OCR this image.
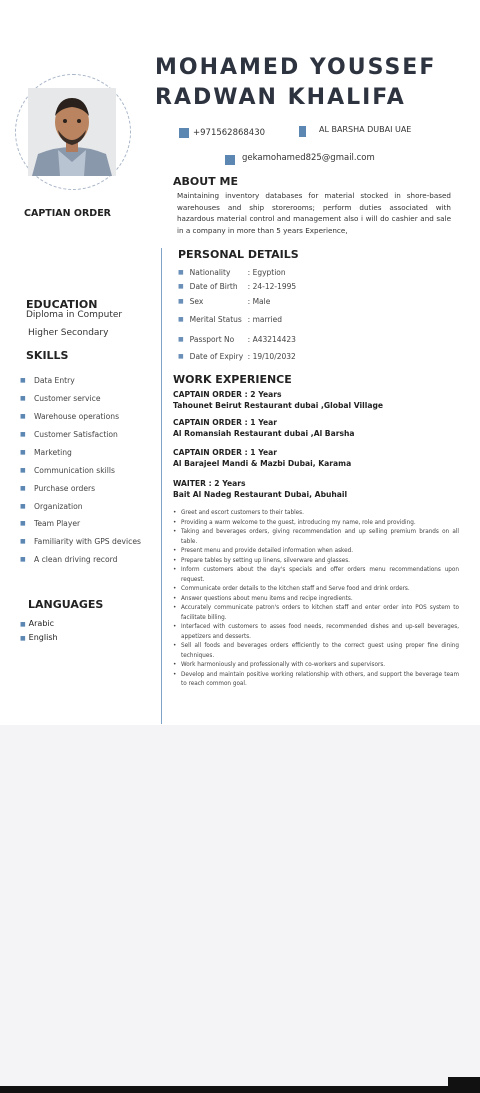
MOHAMED YOUSSEF
RADWAN KHALIFA
+971562868430	AL BARSHA DUBAI UAE
gekamohamed825@gmail.com
CAPTIAN ORDER
EDUCATION
Diploma in Computer
Higher Secondary
SKILLS
■ Data Entry
■ Customer service
■ Warehouse operations
■ Customer Satisfaction
■ Marketing
■ Communication skills
■ Purchase orders
■ Organization
■ Team Player
■ Familiarity with GPS devices
■ A clean driving record
LANGUAGES
■ Arabic
■ English
ABOUT ME
Maintaining inventory databases for material stocked in shore-based warehouses and ship storerooms; perform duties associated with hazardous material control and management also i will do cashier and sale in a company in more than 5 years Experience,
PERSONAL DETAILS
■ Nationality : Egyption
■ Date of Birth : 24-12-1995
■ Sex	: Male
■ Merital Status : married
■ Passport No : A43214423
■ Date of Expiry : 19/10/2032
WORK EXPERIENCE
CAPTAIN ORDER : 2 Years
Tahounet Beirut Restaurant dubai ,Global Village
CAPTAIN ORDER : 1 Year
Al Romansiah Restaurant dubai ,Al Barsha
CAPTAIN ORDER : 1 Year
Al Barajeel Mandi & Mazbi Dubai, Karama
WAITER : 2 Years
Bait Al Nadeg Restaurant Dubai, Abuhail
• Greet and escort customers to their tables.
• Providing a warm welcome to the guest, introducing my name, role and providing.
• Taking and beverages orders, giving recommendation and up selling premium brands on all table.
• Present menu and provide detailed information when asked.
• Prepare tables by setting up linens, silverware and glasses.
• Inform customers about the day's specials and offer orders menu recommendations upon request.
• Communicate order details to the kitchen staff and Serve food and drink orders.
• Answer questions about menu items and recipe ingredients.
• Accurately communicate patron's orders to kitchen staff and enter order into POS system to facilitate billing.
• Interfaced with customers to asses food needs, recommended dishes and up-sell beverages, appetizers and desserts.
• Sell all foods and beverages orders efficiently to the correct guest using proper fine dining techniques.
• Work harmoniously and professionally with co-workers and supervisors.
• Develop and maintain positive working relationship with others, and support the beverage team to reach common goal.
